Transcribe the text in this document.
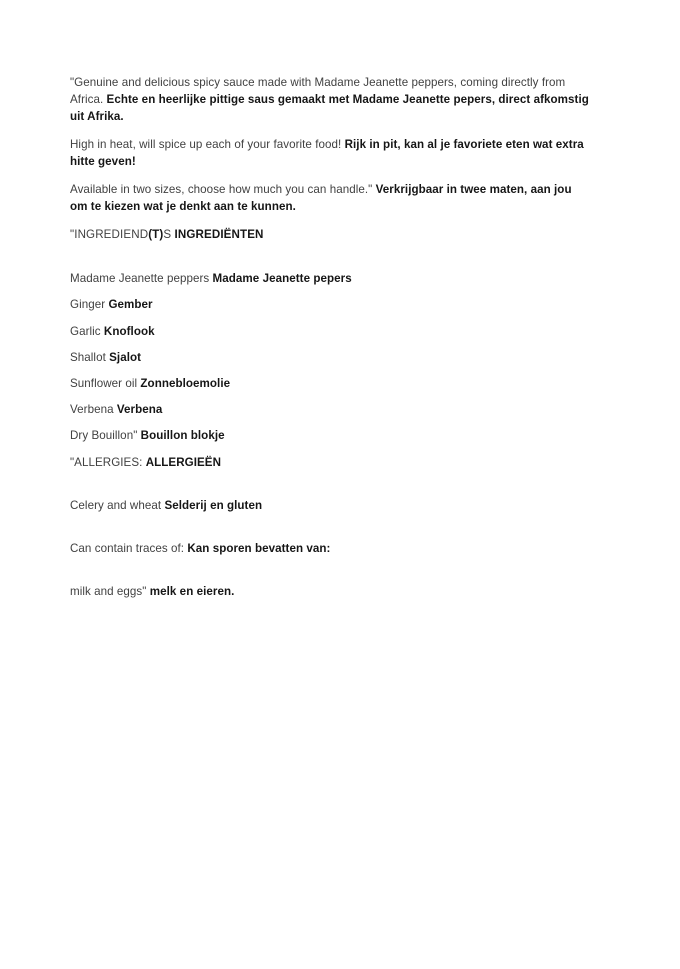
"Genuine and delicious spicy sauce made with Madame Jeanette peppers, coming directly from Africa. Echte en heerlijke pittige saus gemaakt met Madame Jeanette pepers, direct afkomstig uit Afrika.

High in heat, will spice up each of your favorite food! Rijk in pit, kan al je favoriete eten wat extra hitte geven!

Available in two sizes, choose how much you can handle." Verkrijgbaar in twee maten, aan jou om te kiezen wat je denkt aan te kunnen.

"INGREDIEND(T)S INGREDIËNTEN

Madame Jeanette peppers Madame Jeanette pepers
Ginger Gember
Garlic Knoflook
Shallot Sjalot
Sunflower oil Zonnebloemolie
Verbena Verbena
Dry Bouillon" Bouillon blokje

"ALLERGIES: ALLERGIEËN

Celery and wheat Selderij en gluten

Can contain traces of: Kan sporen bevatten van:

milk and eggs" melk en eieren.
